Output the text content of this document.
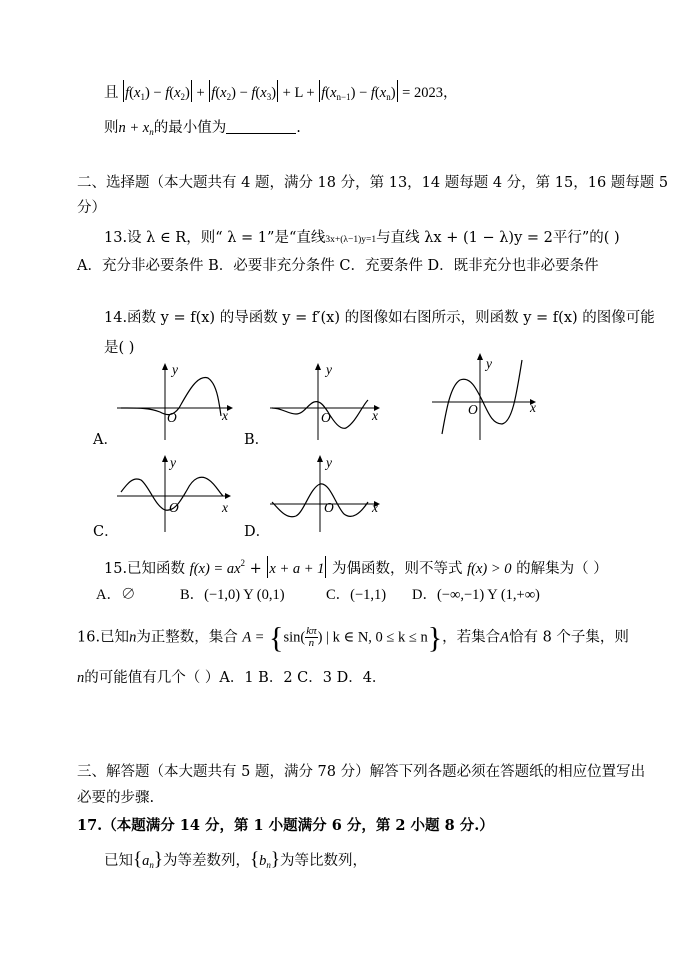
且 $f(x_1) - f(x_2) + f(x_2) - f(x_3) + L + f(x_{n-1}) - f(x_n) = 2023$，
则$n + x_n$的最小值为	.
二、选择题（本大题共有 4 题，满分 18 分，第 13，14 题每题 4 分，第 15，16 题每题 5
分）
13.设 λ ∈ R，则“ λ = 1”是“直线3x+(λ−1)y=1与直线 λx + (1 − λ)y = 2平行”的( )
A．充分非必要条件 B．必要非充分条件 C．充要条件 D．既非充分也非必要条件
14.函数 y = f(x) 的导函数 y = f′(x) 的图像如右图所示，则函数 y = f(x) 的图像可能
是( )
y
x
O
y
x
O
y
x
O
A．	B．
y
x
O
y
x
O
C．	D．
15.已知函数 $f(x) = ax^2 + x + a + 1$ 为偶函数，则不等式 f(x) > 0 的解集为（ ）
A．∅	B．(−1,0) Y (0,1)	C．(−1,1) D．(−∞,−1) Y (1,+∞)
16.已知n为正整数，集合 $A = \{\sin( \frac{k\pi}{n}$ ) | k ∈ N, 0 ≤ k ≤ n}，若集合A恰有 8 个子集，则
n的可能值有几个（ ）A．1 B．2 C．3 D．4．
三、解答题（本大题共有 5 题，满分 78 分）解答下列各题必须在答题纸的相应位置写出
必要的步骤.
17.（本题满分 14 分，第 1 小题满分 6 分，第 2 小题 8 分.）
已知$\{a_n\}$为等差数列，$\{b_n\}$为等比数列，
